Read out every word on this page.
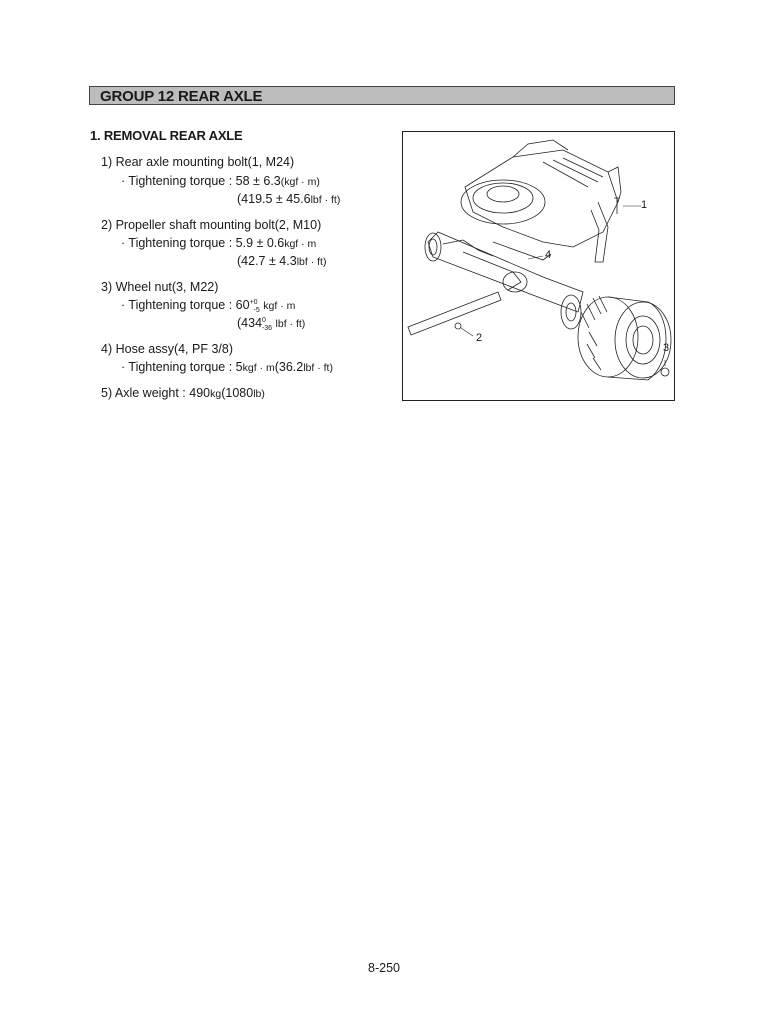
GROUP 12 REAR AXLE
1. REMOVAL REAR AXLE
1) Rear axle mounting bolt(1, M24)
· Tightening torque : 58 ± 6.3(kgf · m)
(419.5 ± 45.6lbf · ft)
2) Propeller shaft mounting bolt(2, M10)
· Tightening torque : 5.9 ± 0.6kgf · m
(42.7 ± 4.3lbf · ft)
3) Wheel nut(3, M22)
· Tightening torque : $60^{+0}_{-5}$ kgf · m
($434^0_{-36}$ lbf · ft)
4) Hose assy(4, PF 3/8)
· Tightening torque : 5kgf · m(36.2lbf · ft)
5) Axle weight : 490kg(1080lb)
1
2
3
4
8-250
